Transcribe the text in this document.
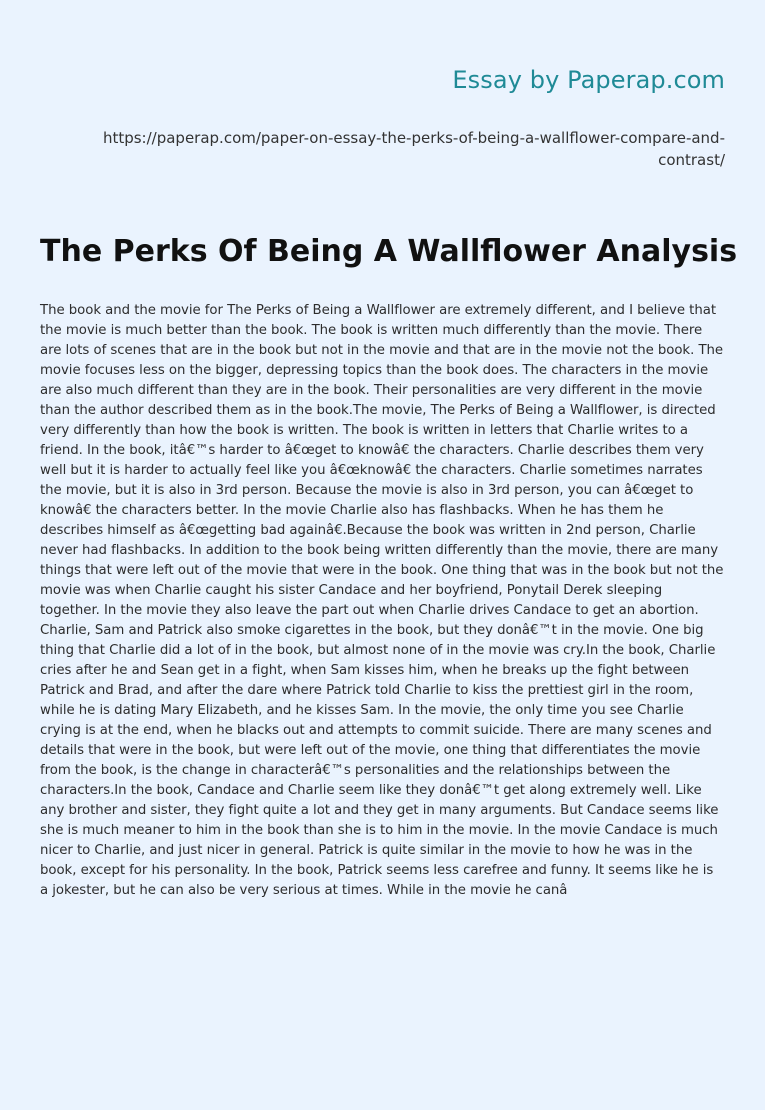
Essay by Paperap.com
https://paperap.com/paper-on-essay-the-perks-of-being-a-wallflower-compare-and-contrast/
The Perks Of Being A Wallflower Analysis

The book and the movie for The Perks of Being a Wallflower are extremely different, and I believe that the movie is much better than the book. The book is written much differently than the movie. There are lots of scenes that are in the book but not in the movie and that are in the movie not the book. The movie focuses less on the bigger, depressing topics than the book does. The characters in the movie are also much different than they are in the book. Their personalities are very different in the movie than the author described them as in the book.The movie, The Perks of Being a Wallflower, is directed very differently than how the book is written. The book is written in letters that Charlie writes to a friend. In the book, itâ€™s harder to â€œget to knowâ€ the characters. Charlie describes them very well but it is harder to actually feel like you â€œknowâ€ the characters. Charlie sometimes narrates the movie, but it is also in 3rd person. Because the movie is also in 3rd person, you can â€œget to knowâ€ the characters better. In the movie Charlie also has flashbacks. When he has them he describes himself as â€œgetting bad againâ€.Because the book was written in 2nd person, Charlie never had flashbacks. In addition to the book being written differently than the movie, there are many things that were left out of the movie that were in the book. One thing that was in the book but not the movie was when Charlie caught his sister Candace and her boyfriend, Ponytail Derek sleeping together. In the movie they also leave the part out when Charlie drives Candace to get an abortion. Charlie, Sam and Patrick also smoke cigarettes in the book, but they donâ€™t in the movie. One big thing that Charlie did a lot of in the book, but almost none of in the movie was cry.In the book, Charlie cries after he and Sean get in a fight, when Sam kisses him, when he breaks up the fight between Patrick and Brad, and after the dare where Patrick told Charlie to kiss the prettiest girl in the room, while he is dating Mary Elizabeth, and he kisses Sam. In the movie, the only time you see Charlie crying is at the end, when he blacks out and attempts to commit suicide. There are many scenes and details that were in the book, but were left out of the movie, one thing that differentiates the movie from the book, is the change in characterâ€™s personalities and the relationships between the characters.In the book, Candace and Charlie seem like they donâ€™t get along extremely well. Like any brother and sister, they fight quite a lot and they get in many arguments. But Candace seems like she is much meaner to him in the book than she is to him in the movie. In the movie Candace is much nicer to Charlie, and just nicer in general. Patrick is quite similar in the movie to how he was in the book, except for his personality. In the book, Patrick seems less carefree and funny. It seems like he is a jokester, but he can also be very serious at times. While in the movie he canâ
